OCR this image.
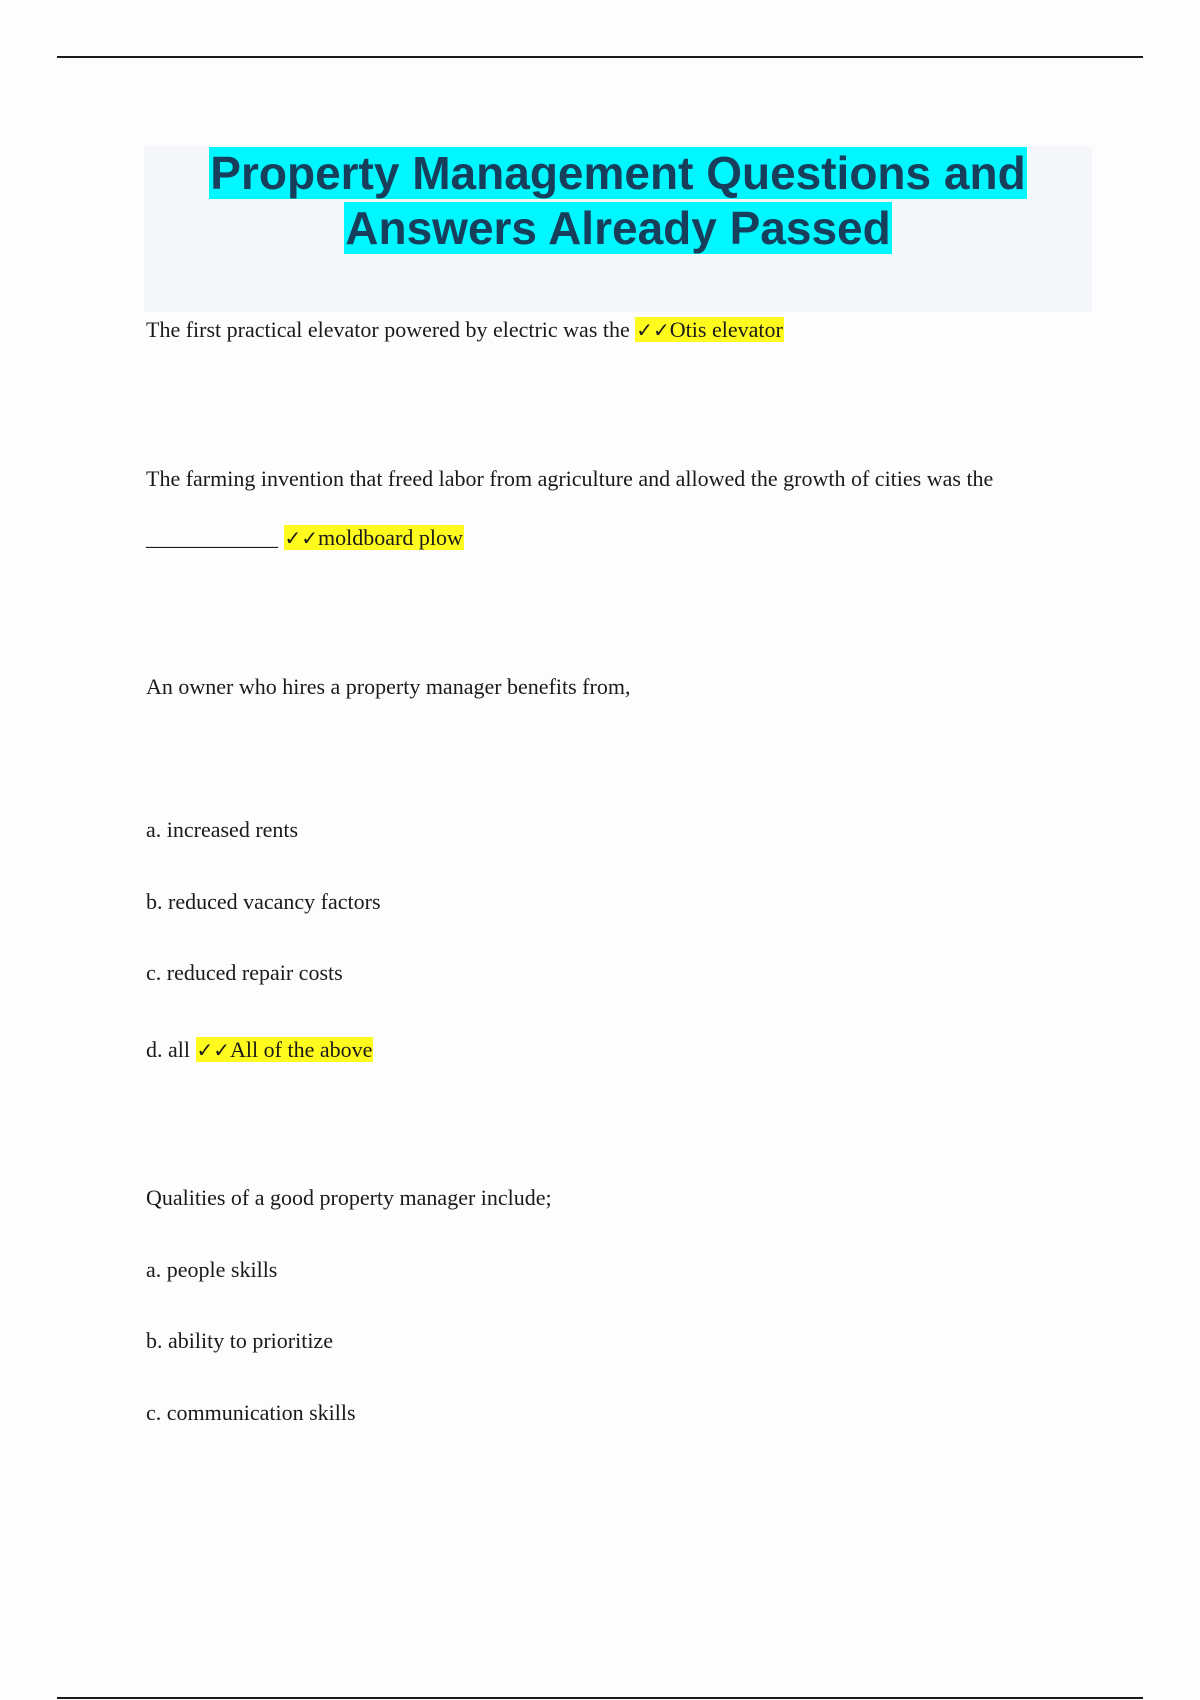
Property Management Questions and
Answers Already Passed
The first practical elevator powered by electric was the ✓✓Otis elevator
The farming invention that freed labor from agriculture and allowed the growth of cities was the
____________ ✓✓moldboard plow
An owner who hires a property manager benefits from,
a. increased rents
b. reduced vacancy factors
c. reduced repair costs
d. all ✓✓All of the above
Qualities of a good property manager include;
a. people skills
b. ability to prioritize
c. communication skills
